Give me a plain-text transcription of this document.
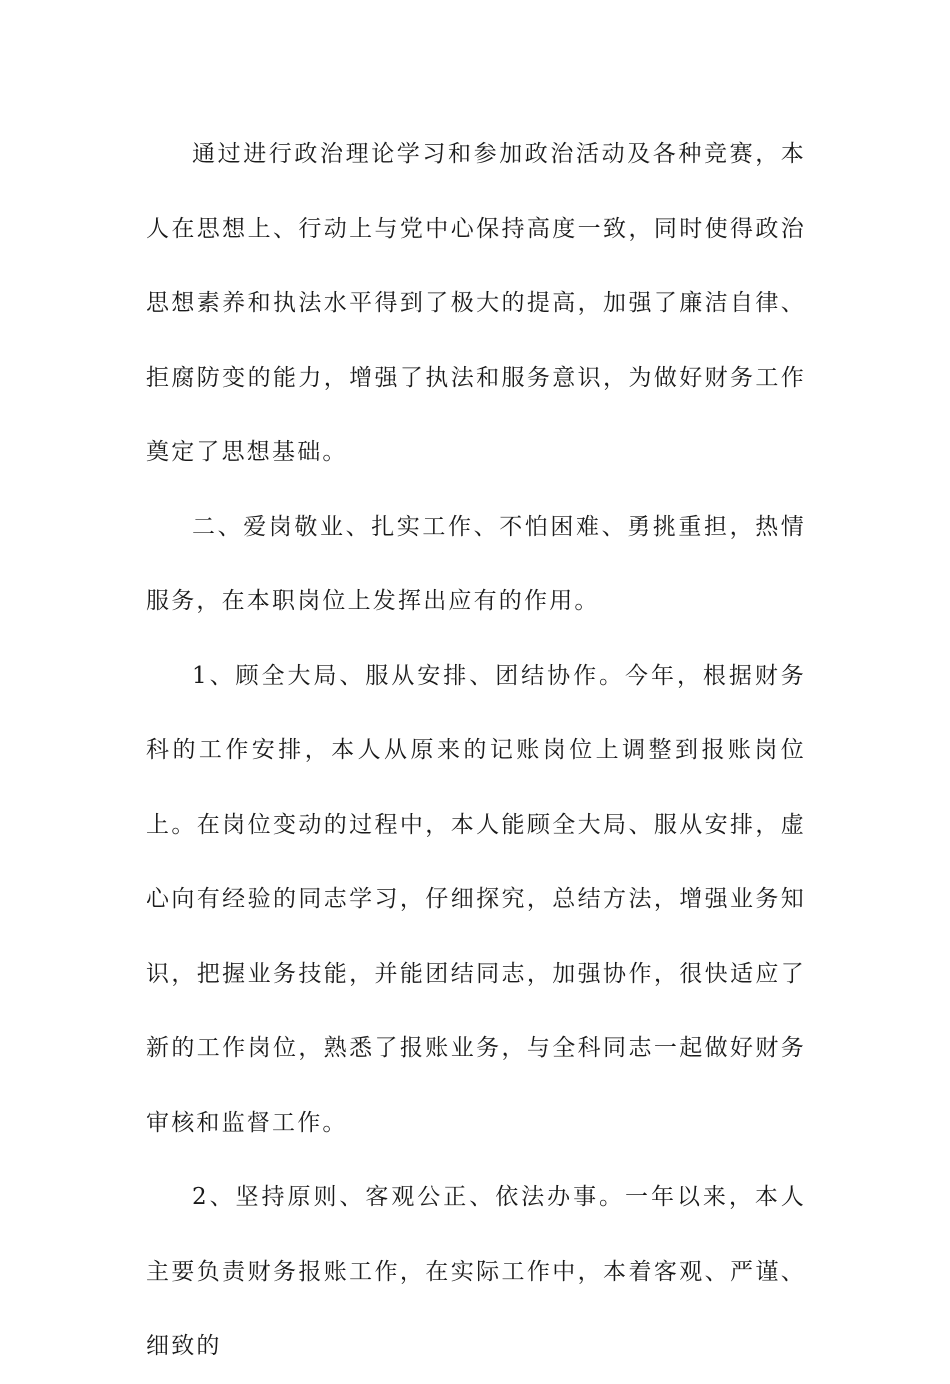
通过进行政治理论学习和参加政治活动及各种竞赛，本人在思想上、行动上与党中心保持高度一致，同时使得政治思想素养和执法水平得到了极大的提高，加强了廉洁自律、拒腐防变的能力，增强了执法和服务意识，为做好财务工作奠定了思想基础。

二、爱岗敬业、扎实工作、不怕困难、勇挑重担，热情服务，在本职岗位上发挥出应有的作用。

1、顾全大局、服从安排、团结协作。今年，根据财务科的工作安排，本人从原来的记账岗位上调整到报账岗位上。在岗位变动的过程中，本人能顾全大局、服从安排，虚心向有经验的同志学习，仔细探究，总结方法，增强业务知识，把握业务技能，并能团结同志，加强协作，很快适应了新的工作岗位，熟悉了报账业务，与全科同志一起做好财务审核和监督工作。

2、坚持原则、客观公正、依法办事。一年以来，本人主要负责财务报账工作，在实际工作中，本着客观、严谨、细致的
